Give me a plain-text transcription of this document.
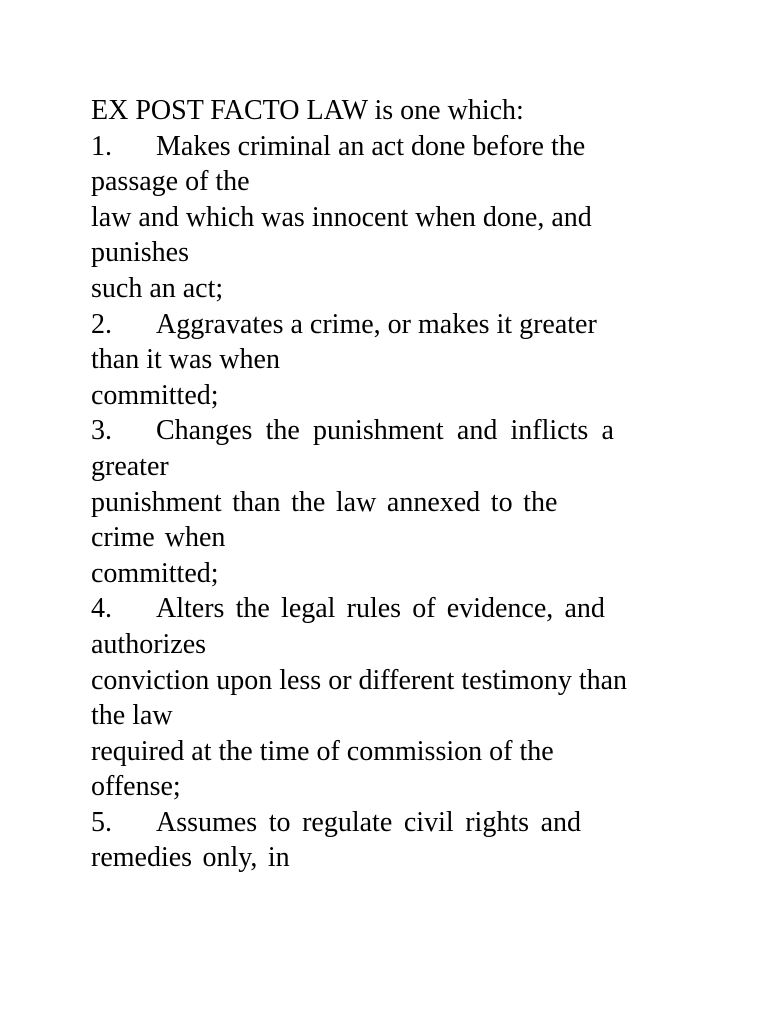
EX POST FACTO LAW is one which:
1. Makes criminal an act done before the
passage of the
law and which was innocent when done, and
punishes
such an act;
2. Aggravates a crime, or makes it greater
than it was when
committed;
3. Changes the punishment and inflicts a
greater
punishment than the law annexed to the
crime when
committed;
4. Alters the legal rules of evidence, and
authorizes
conviction upon less or different testimony than
the law
required at the time of commission of the
offense;
5. Assumes to regulate civil rights and
remedies only, in
